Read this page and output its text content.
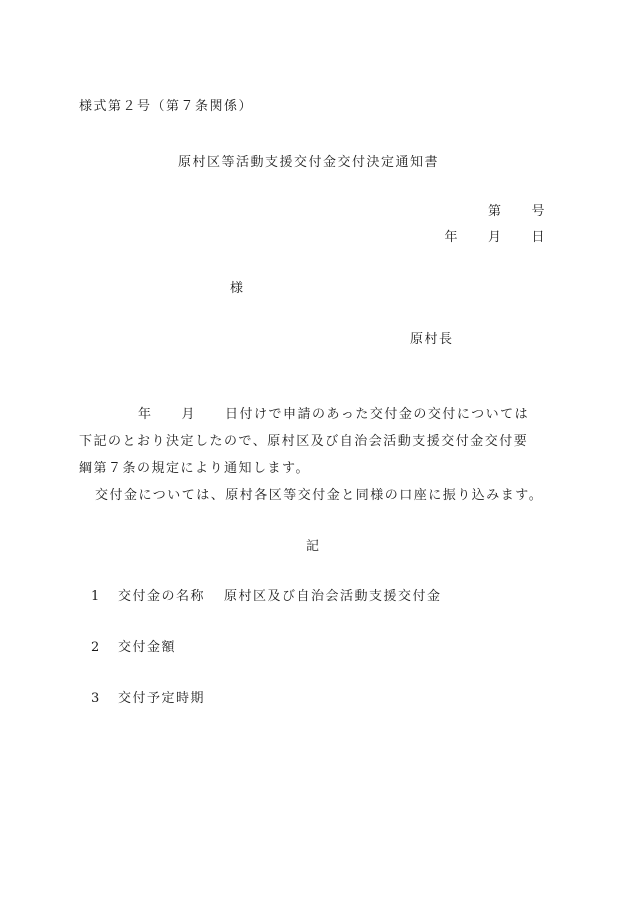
様式第２号（第７条関係）

原村区等活動支援交付金交付決定通知書

第　　号

年　　月　　日

様

原村長

年　　月　　日付けで申請のあった交付金の交付については

下記のとおり決定したので、原村区及び自治会活動支援交付金交付要

綱第７条の規定により通知します。

交付金については、原村各区等交付金と同様の口座に振り込みます。

記

1 交付金の名称 原村区及び自治会活動支援交付金

2 交付金額

3 交付予定時期
